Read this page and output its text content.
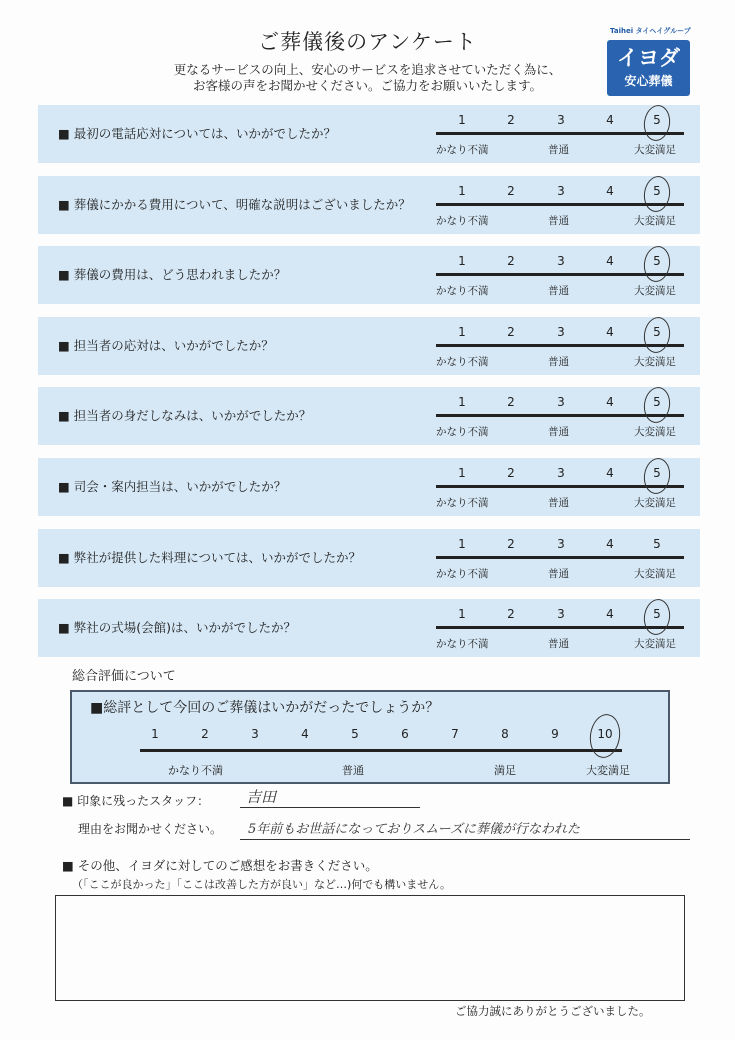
ご葬儀後のアンケート
更なるサービスの向上、安心のサービスを追求させていただく為に、
お客様の声をお聞かせください。ご協力をお願いいたします。
Taihei タイヘイグループ
イヨダ
安心葬儀
■ 最初の電話応対については、いかがでしたか？
1	2	3	4	5
かなり不満	普通	大変満足
■ 葬儀にかかる費用について、明確な説明はございましたか？
1	2	3	4	5
かなり不満	普通	大変満足
■ 葬儀の費用は、どう思われましたか？
1	2	3	4	5
かなり不満	普通	大変満足
■ 担当者の応対は、いかがでしたか？
1	2	3	4	5
かなり不満	普通	大変満足
■ 担当者の身だしなみは、いかがでしたか？
1	2	3	4	5
かなり不満	普通	大変満足
■ 司会・案内担当は、いかがでしたか？
1	2	3	4	5
かなり不満	普通	大変満足
■ 弊社が提供した料理については、いかがでしたか？
1	2	3	4	5
かなり不満	普通	大変満足
■ 弊社の式場(会館)は、いかがでしたか？
1	2	3	4	5
かなり不満	普通	大変満足
総合評価について
■総評として今回のご葬儀はいかがだったでしょうか？
1	2	3	4	5	6	7	8	9	10
かなり不満	普通	満足	大変満足
■ 印象に残ったスタッフ：	吉田
理由をお聞かせください。	5年前もお世話になっておりスムーズに葬儀が行なわれた
■ その他、イヨダに対してのご感想をお書きください。
（「ここが良かった」「ここは改善した方が良い」など…)何でも構いません。
ご協力誠にありがとうございました。
